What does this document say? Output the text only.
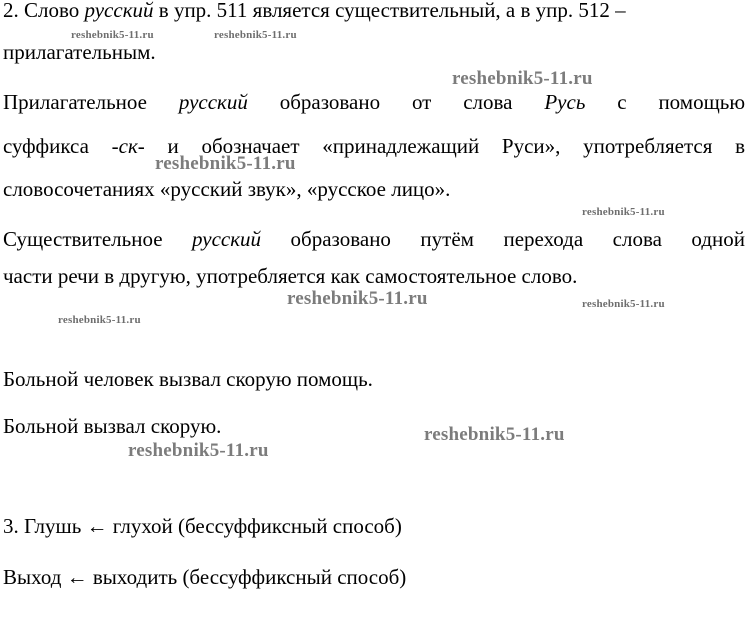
2. Слово русский в упр. 511 является существительный, а в упр. 512 –
прилагательным.
Прилагательное русский образовано от слова Русь с помощью
суффикса -ск- и обозначает «принадлежащий Руси», употребляется в
словосочетаниях «русский звук», «русское лицо».
Существительное русский образовано путём перехода слова одной
части речи в другую, употребляется как самостоятельное слово.
Больной человек вызвал скорую помощь.
Больной вызвал скорую.
3. Глушь ← глухой (бессуффиксный способ)
Выход ← выходить (бессуффиксный способ)
reshebnik5-11.ru	reshebnik5-11.ru
reshebnik5-11.ru
reshebnik5-11.ru
reshebnik5-11.ru
reshebnik5-11.ru	reshebnik5-11.ru
reshebnik5-11.ru
reshebnik5-11.ru
reshebnik5-11.ru
